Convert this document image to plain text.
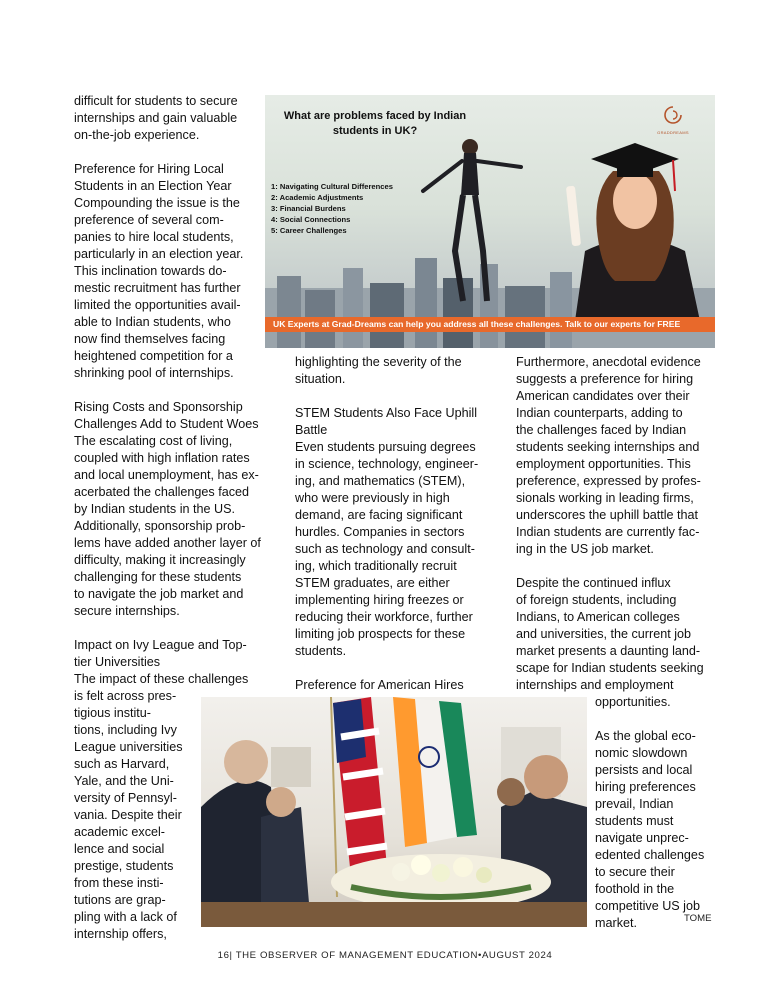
difficult for students to secure
internships and gain valuable
on-the-job experience.
Preference for Hiring Local
Students in an Election Year
Compounding the issue is the
preference of several com-
panies to hire local students,
particularly in an election year.
This inclination towards do-
mestic recruitment has further
limited the opportunities avail-
able to Indian students, who
now find themselves facing
heightened competition for a
shrinking pool of internships.
Rising Costs and Sponsorship
Challenges Add to Student Woes
The escalating cost of living,
coupled with high inflation rates
and local unemployment, has ex-
acerbated the challenges faced
by Indian students in the US.
Additionally, sponsorship prob-
lems have added another layer of
difficulty, making it increasingly
challenging for these students
to navigate the job market and
secure internships.
Impact on Ivy League and Top-
tier Universities
The impact of these challenges
is felt across pres-
tigious institu-
tions, including Ivy
League universities
such as Harvard,
Yale, and the Uni-
versity of Pennsyl-
vania. Despite their
academic excel-
lence and social
prestige, students
from these insti-
tutions are grap-
pling with a lack of
internship offers,
highlighting the severity of the
situation.
STEM Students Also Face Uphill
Battle
Even students pursuing degrees
in science, technology, engineer-
ing, and mathematics (STEM),
who were previously in high
demand, are facing significant
hurdles. Companies in sectors
such as technology and consult-
ing, which traditionally recruit
STEM graduates, are either
implementing hiring freezes or
reducing their workforce, further
limiting job prospects for these
students.
Preference for American Hires
Furthermore, anecdotal evidence
suggests a preference for hiring
American candidates over their
Indian counterparts, adding to
the challenges faced by Indian
students seeking internships and
employment opportunities. This
preference, expressed by profes-
sionals working in leading firms,
underscores the uphill battle that
Indian students are currently fac-
ing in the US job market.
Despite the continued influx
of foreign students, including
Indians, to American colleges
and universities, the current job
market presents a daunting land-
scape for Indian students seeking
internships and employment
opportunities.
As the global eco-
nomic slowdown
persists and local
hiring preferences
prevail, Indian
students must
navigate unprec-
edented challenges
to secure their
foothold in the
competitive US job
market.	TOME
What are problems faced by Indian students in UK?
1: Navigating Cultural Differences
2: Academic Adjustments
3: Financial Burdens
4: Social Connections
5: Career Challenges
GRADDREAMS
UK Experts at Grad-Dreams can help you address all these challenges. Talk to our experts for FREE
16| THE OBSERVER OF MANAGEMENT EDUCATION•AUGUST 2024
